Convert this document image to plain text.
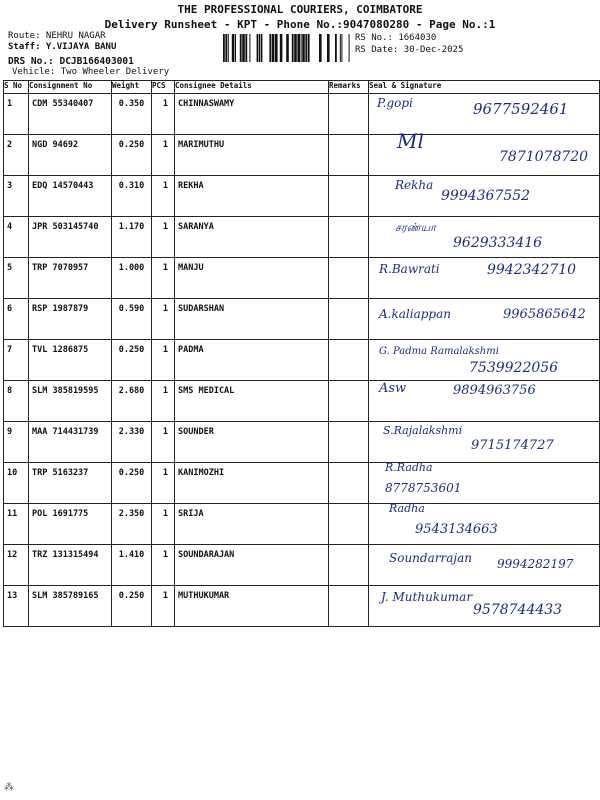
THE PROFESSIONAL COURIERS, COIMBATORE
Delivery Runsheet - KPT - Phone No.:9047080280 - Page No.:1
Route: NEHRU NAGAR
Staff: Y.VIJAYA BANU
DRS No.: DCJB166403001
Vehicle: Two Wheeler Delivery
RS No.: 1664030
RS Date: 30-Dec-2025
S No	Consignment No	Weight	PCS	Consignee Details	Remarks	Seal & Signature

1	CDM 55340407	0.350	1	CHINNASWAMY		P.gopi 9677592461

2	NGD 94692	0.250	1	MARIMUTHU		Ml
7871078720

3	EDQ 14570443	0.310	1	REKHA		Rekha
9994367552

4	JPR 503145740	1.170	1	SARANYA		சரண்யா
9629333416

5	TRP 7070957	1.000	1	MANJU		R.Bawrati 9942342710

6	RSP 1987879	0.590	1	SUDARSHAN		A.kaliappan 9965865642

7	TVL 1286875	0.250	1	PADMA		G. Padma Ramalakshmi
7539922056

8	SLM 385819595	2.680	1	SMS MEDICAL		Asw 9894963756

9	MAA 714431739	2.330	1	SOUNDER		S.Rajalakshmi
9715174727

10	TRP 5163237	0.250	1	KANIMOZHI		R.Radha
8778753601

11	POL 1691775	2.350	1	SRIJA		Radha
9543134663

12	TRZ 131315494	1.410	1	SOUNDARAJAN		Soundarrajan 9994282197

13	SLM 385789165	0.250	1	MUTHUKUMAR		J. Muthukumar
9578744433
⁂
